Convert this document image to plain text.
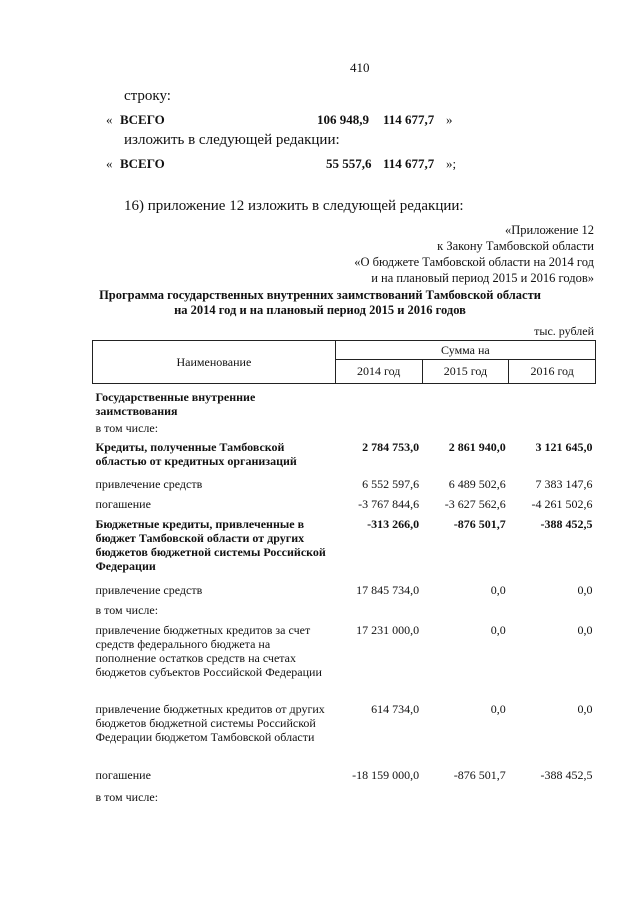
410
строку:
« ВСЕГО	106 948,9 114 677,7 »
изложить в следующей редакции:
« ВСЕГО	55 557,6 114 677,7 »;
16) приложение 12 изложить в следующей редакции:
«Приложение 12
к Закону Тамбовской области
«О бюджете Тамбовской области на 2014 год
и на плановый период 2015 и 2016 годов»
Программа государственных внутренних заимствований Тамбовской области
на 2014 год и на плановый период 2015 и 2016 годов
тыс. рублей
Наименование	Сумма на		
	2014 год	2015 год	2016 год
Государственные внутренние заимствования			
в том числе:			
Кредиты, полученные Тамбовской областью от кредитных организаций	2 784 753,0	2 861 940,0	3 121 645,0
привлечение средств	6 552 597,6	6 489 502,6	7 383 147,6
погашение	-3 767 844,6	-3 627 562,6	-4 261 502,6
Бюджетные кредиты, привлеченные в бюджет Тамбовской области от других бюджетов бюджетной системы Российской Федерации	-313 266,0	-876 501,7	-388 452,5
привлечение средств	17 845 734,0	0,0	0,0
в том числе:			
привлечение бюджетных кредитов за счет средств федерального бюджета на пополнение остатков средств на счетах бюджетов субъектов Российской Федерации	17 231 000,0	0,0	0,0
привлечение бюджетных кредитов от других бюджетов бюджетной системы Российской Федерации бюджетом Тамбовской области	614 734,0	0,0	0,0
погашение	-18 159 000,0	-876 501,7	-388 452,5
в том числе:			
